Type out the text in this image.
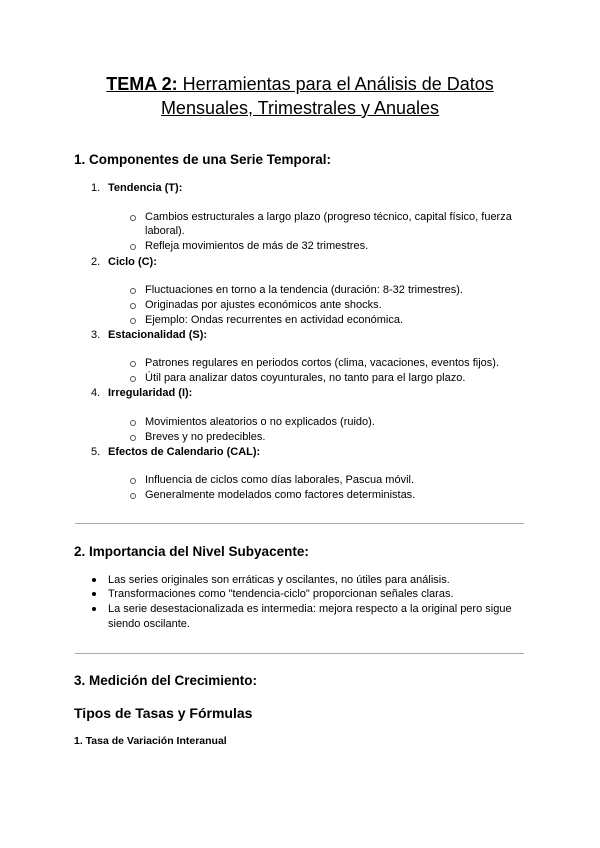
TEMA 2: Herramientas para el Análisis de Datos
Mensuales, Trimestrales y Anuales
1. Componentes de una Serie Temporal:
1. Tendencia (T):
Cambios estructurales a largo plazo (progreso técnico, capital físico, fuerza
laboral).
Refleja movimientos de más de 32 trimestres.
2. Ciclo (C):
Fluctuaciones en torno a la tendencia (duración: 8-32 trimestres).
Originadas por ajustes económicos ante shocks.
Ejemplo: Ondas recurrentes en actividad económica.
3. Estacionalidad (S):
Patrones regulares en periodos cortos (clima, vacaciones, eventos fijos).
Útil para analizar datos coyunturales, no tanto para el largo plazo.
4. Irregularidad (I):
Movimientos aleatorios o no explicados (ruido).
Breves y no predecibles.
5. Efectos de Calendario (CAL):
Influencia de ciclos como días laborales, Pascua móvil.
Generalmente modelados como factores deterministas.
2. Importancia del Nivel Subyacente:
Las series originales son erráticas y oscilantes, no útiles para análisis.
Transformaciones como "tendencia-ciclo" proporcionan señales claras.
La serie desestacionalizada es intermedia: mejora respecto a la original pero sigue
siendo oscilante.
3. Medición del Crecimiento:
Tipos de Tasas y Fórmulas
1. Tasa de Variación Interanual
